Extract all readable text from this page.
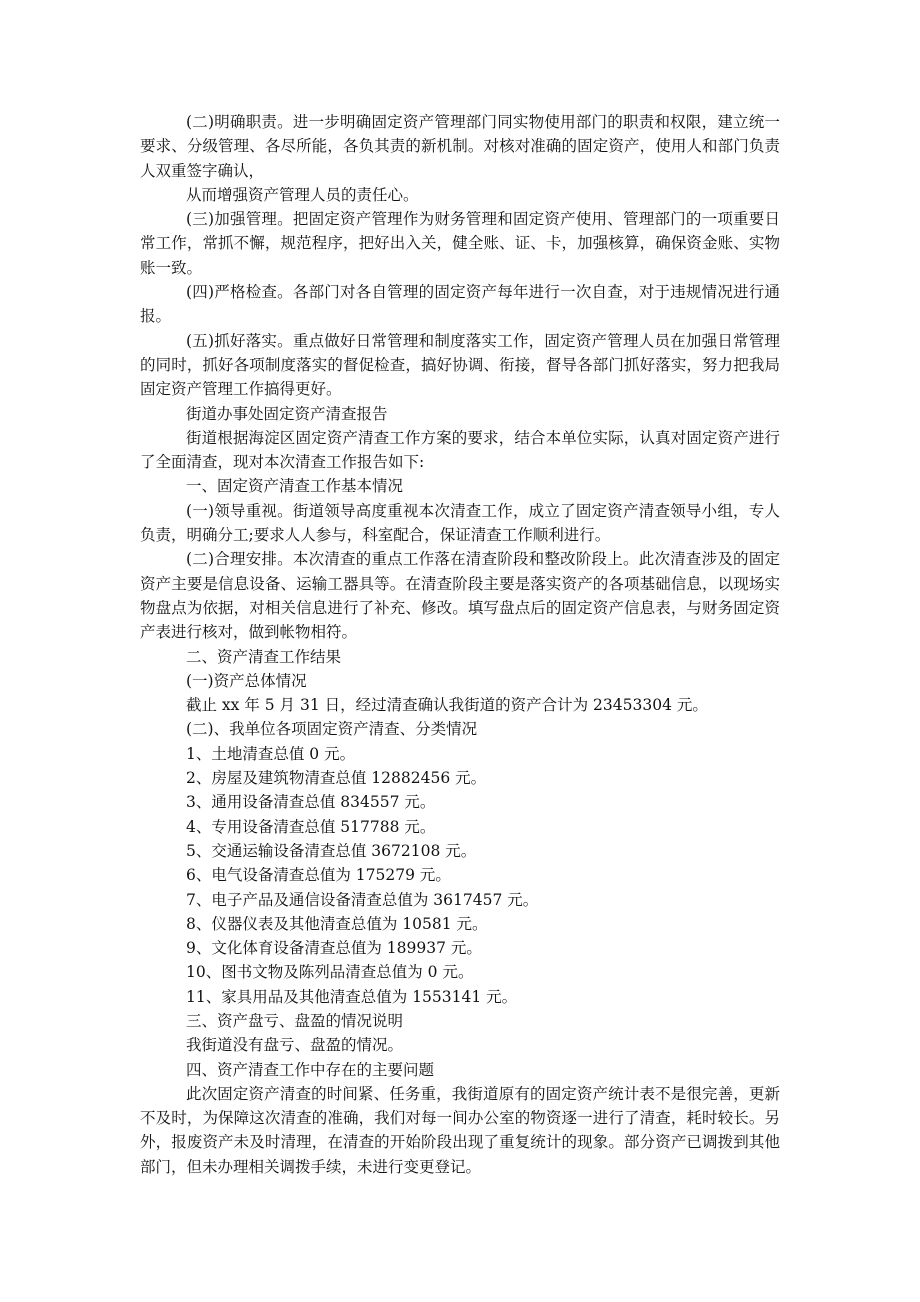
(二)明确职责。进一步明确固定资产管理部门同实物使用部门的职责和权限，建立统一要求、分级管理、各尽所能，各负其责的新机制。对核对准确的固定资产，使用人和部门负责人双重签字确认，

从而增强资产管理人员的责任心。

(三)加强管理。把固定资产管理作为财务管理和固定资产使用、管理部门的一项重要日常工作，常抓不懈，规范程序，把好出入关，健全账、证、卡，加强核算，确保资金账、实物账一致。

(四)严格检查。各部门对各自管理的固定资产每年进行一次自查，对于违规情况进行通报。

(五)抓好落实。重点做好日常管理和制度落实工作，固定资产管理人员在加强日常管理的同时，抓好各项制度落实的督促检查，搞好协调、衔接，督导各部门抓好落实，努力把我局固定资产管理工作搞得更好。

街道办事处固定资产清查报告

街道根据海淀区固定资产清查工作方案的要求，结合本单位实际，认真对固定资产进行了全面清查，现对本次清查工作报告如下:

一、固定资产清查工作基本情况

(一)领导重视。街道领导高度重视本次清查工作，成立了固定资产清查领导小组，专人负责，明确分工;要求人人参与，科室配合，保证清查工作顺利进行。

(二)合理安排。本次清查的重点工作落在清查阶段和整改阶段上。此次清查涉及的固定资产主要是信息设备、运输工器具等。在清查阶段主要是落实资产的各项基础信息，以现场实物盘点为依据，对相关信息进行了补充、修改。填写盘点后的固定资产信息表，与财务固定资产表进行核对，做到帐物相符。

二、资产清查工作结果

(一)资产总体情况

截止 xx 年 5 月 31 日，经过清查确认我街道的资产合计为 23453304 元。

(二)、我单位各项固定资产清查、分类情况

1、土地清查总值 0 元。

2、房屋及建筑物清查总值 12882456 元。

3、通用设备清查总值 834557 元。

4、专用设备清查总值 517788 元。

5、交通运输设备清查总值 3672108 元。

6、电气设备清查总值为 175279 元。

7、电子产品及通信设备清查总值为 3617457 元。

8、仪器仪表及其他清查总值为 10581 元。

9、文化体育设备清查总值为 189937 元。

10、图书文物及陈列品清查总值为 0 元。

11、家具用品及其他清查总值为 1553141 元。

三、资产盘亏、盘盈的情况说明

我街道没有盘亏、盘盈的情况。

四、资产清查工作中存在的主要问题

此次固定资产清查的时间紧、任务重，我街道原有的固定资产统计表不是很完善，更新不及时，为保障这次清查的准确，我们对每一间办公室的物资逐一进行了清查，耗时较长。另外，报废资产未及时清理，在清查的开始阶段出现了重复统计的现象。部分资产已调拨到其他部门，但未办理相关调拨手续，未进行变更登记。
